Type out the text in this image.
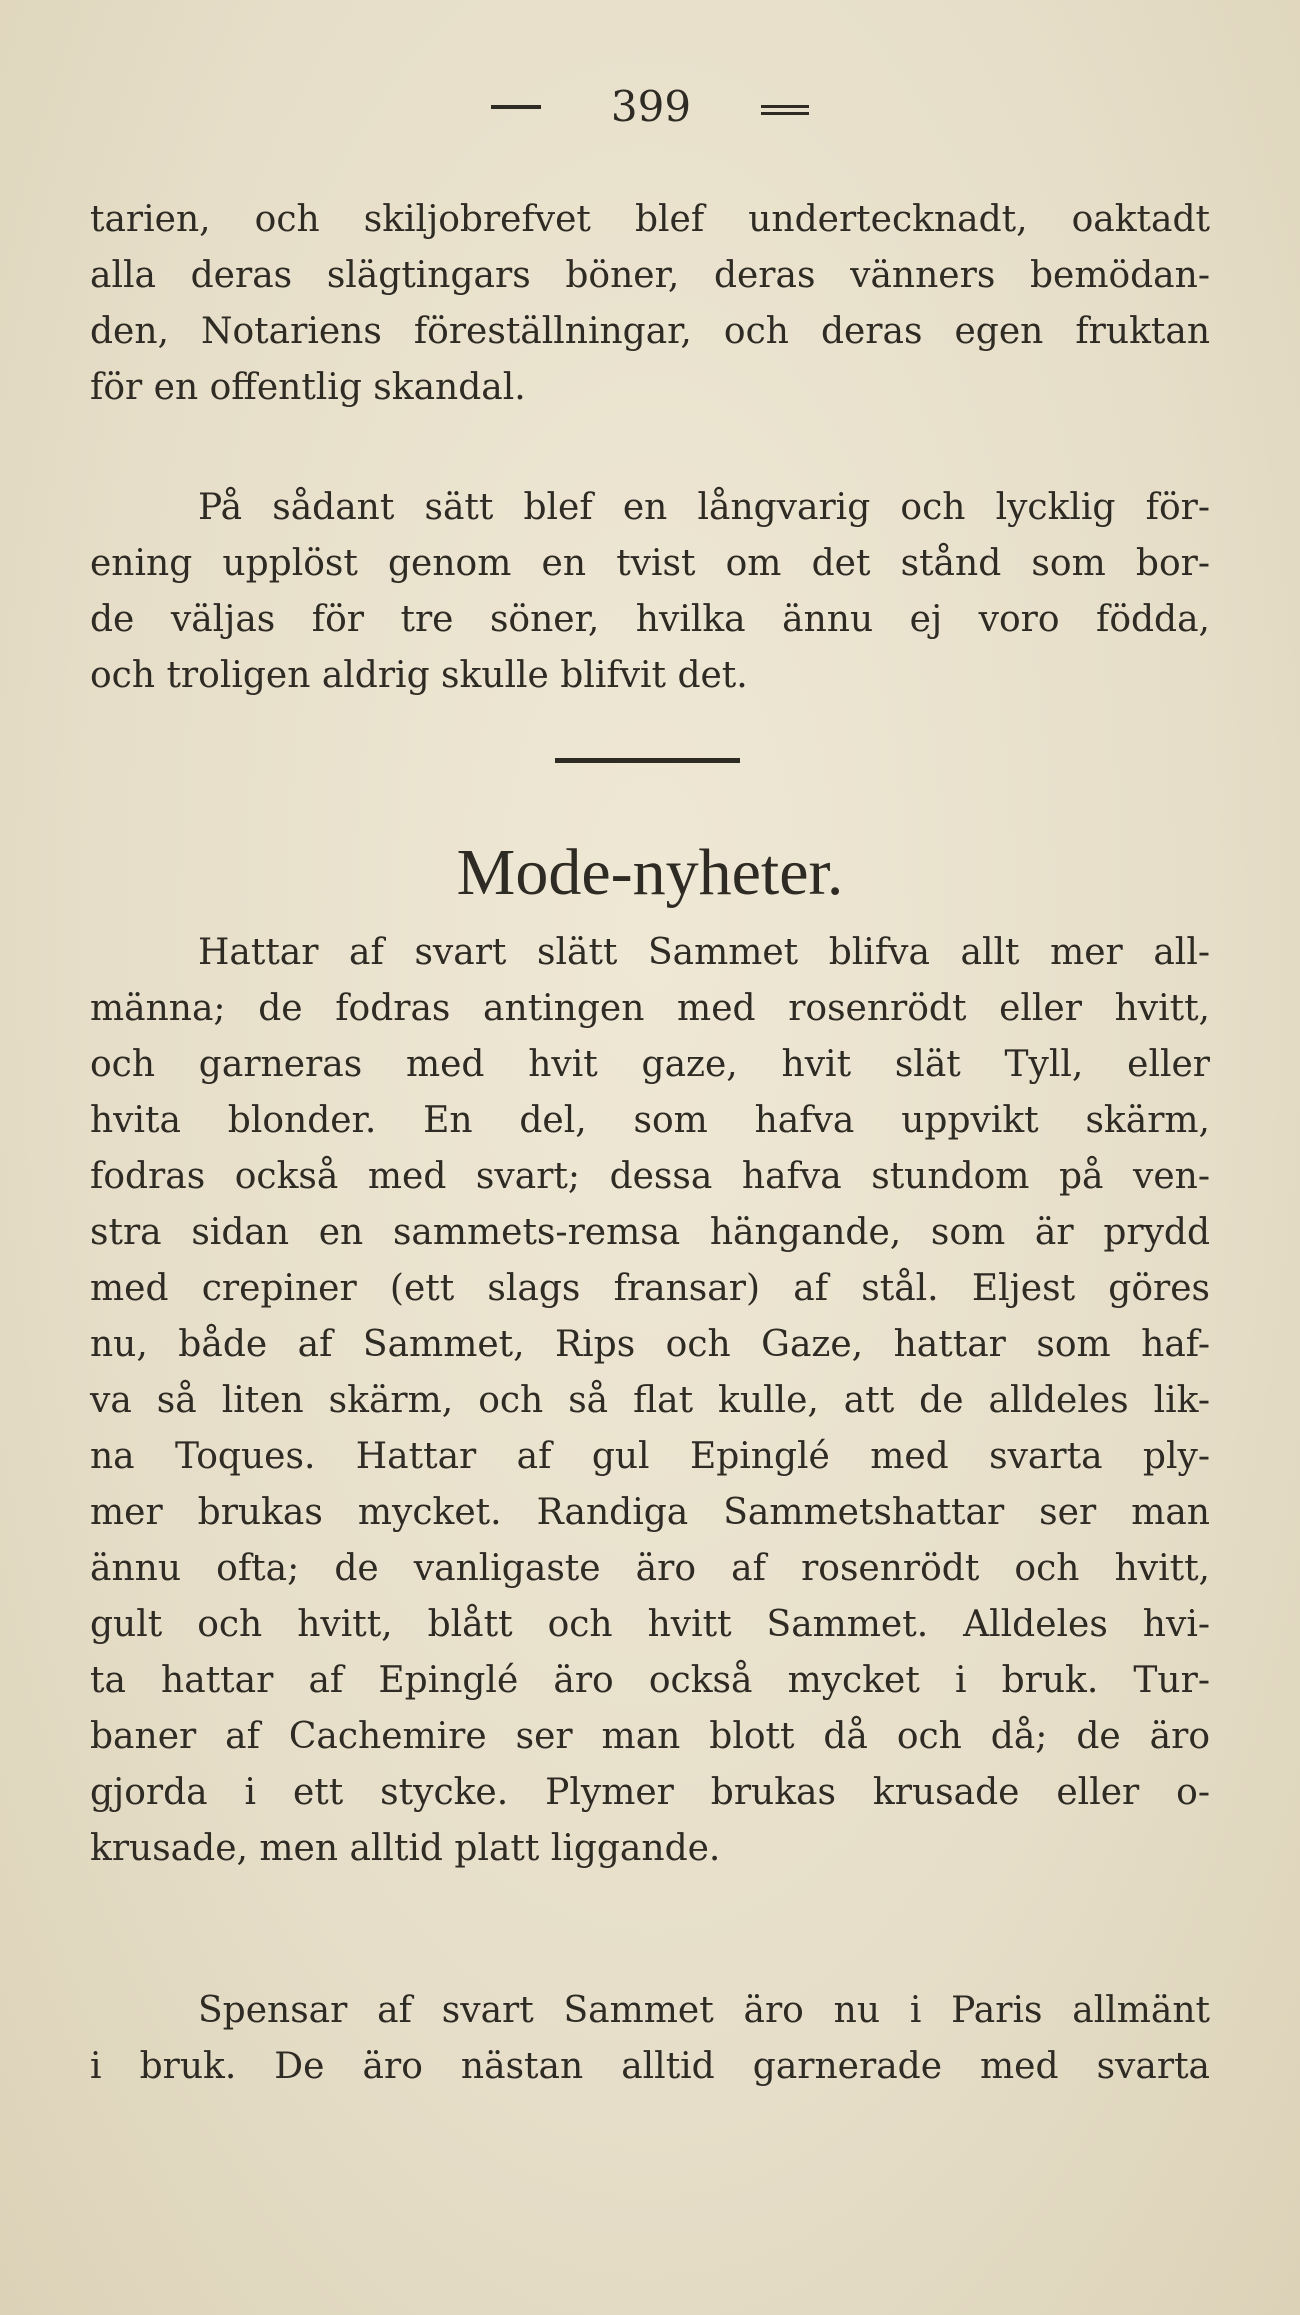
399

tarien, och skiljobrefvet blef undertecknadt, oaktadt
alla deras slägtingars böner, deras vänners bemödan-
den, Notariens föreställningar, och deras egen fruktan
för en offentlig skandal.

På sådant sätt blef en långvarig och lycklig för-
ening upplöst genom en tvist om det stånd som bor-
de väljas för tre söner, hvilka ännu ej voro födda,
och troligen aldrig skulle blifvit det.

Mode-nyheter.

Hattar af svart slätt Sammet blifva allt mer all-
männa; de fodras antingen med rosenrödt eller hvitt,
och garneras med hvit gaze, hvit slät Tyll, eller
hvita blonder. En del, som hafva uppvikt skärm,
fodras också med svart; dessa hafva stundom på ven-
stra sidan en sammets-remsa hängande, som är prydd
med crepiner (ett slags fransar) af stål. Eljest göres
nu, både af Sammet, Rips och Gaze, hattar som haf-
va så liten skärm, och så flat kulle, att de alldeles lik-
na Toques. Hattar af gul Epinglé med svarta ply-
mer brukas mycket. Randiga Sammetshattar ser man
ännu ofta; de vanligaste äro af rosenrödt och hvitt,
gult och hvitt, blått och hvitt Sammet. Alldeles hvi-
ta hattar af Epinglé äro också mycket i bruk. Tur-
baner af Cachemire ser man blott då och då; de äro
gjorda i ett stycke. Plymer brukas krusade eller o-
krusade, men alltid platt liggande.

Spensar af svart Sammet äro nu i Paris allmänt
i bruk. De äro nästan alltid garnerade med svarta
